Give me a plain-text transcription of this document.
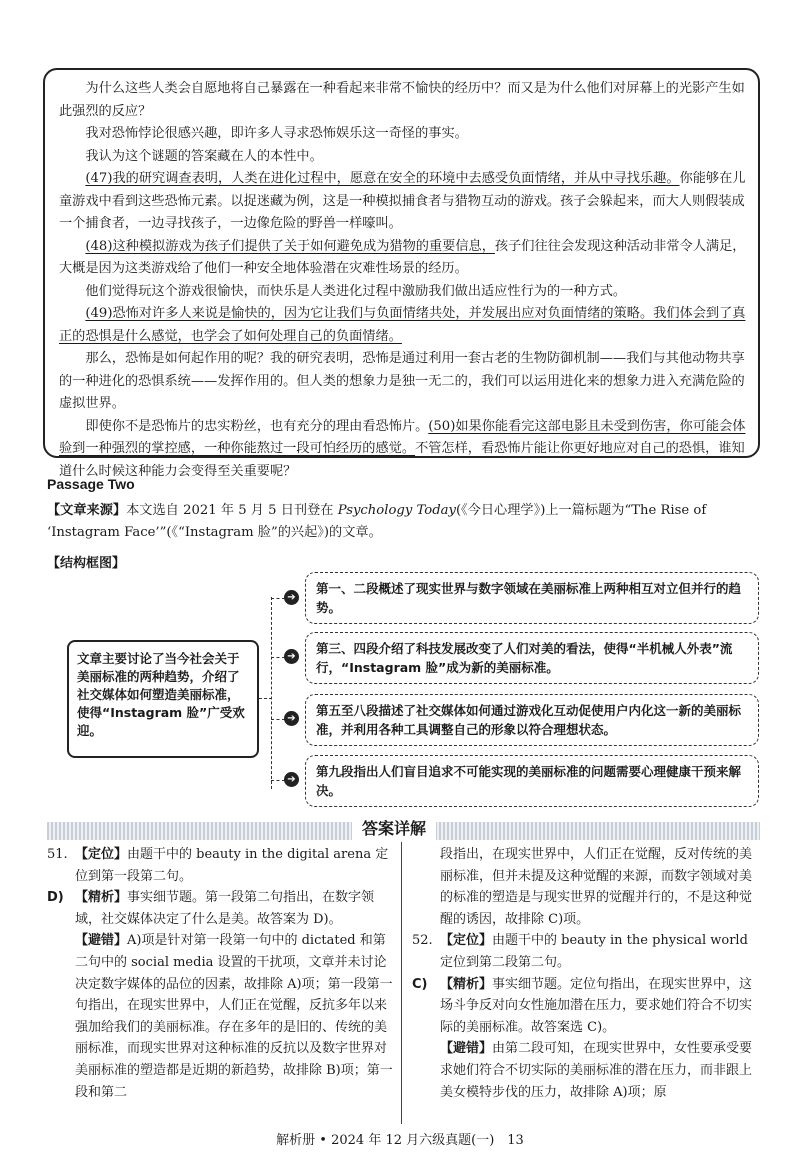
为什么这些人类会自愿地将自己暴露在一种看起来非常不愉快的经历中？而又是为什么他们对屏幕上的光影产生如此强烈的反应？

我对恐怖悖论很感兴趣，即许多人寻求恐怖娱乐这一奇怪的事实。

我认为这个谜题的答案藏在人的本性中。

(47)我的研究调查表明，人类在进化过程中，愿意在安全的环境中去感受负面情绪，并从中寻找乐趣。你能够在儿童游戏中看到这些恐怖元素。以捉迷藏为例，这是一种模拟捕食者与猎物互动的游戏。孩子会躲起来，而大人则假装成一个捕食者，一边寻找孩子，一边像危险的野兽一样嚎叫。

(48)这种模拟游戏为孩子们提供了关于如何避免成为猎物的重要信息，孩子们往往会发现这种活动非常令人满足，大概是因为这类游戏给了他们一种安全地体验潜在灾难性场景的经历。

他们觉得玩这个游戏很愉快，而快乐是人类进化过程中激励我们做出适应性行为的一种方式。

(49)恐怖对许多人来说是愉快的，因为它让我们与负面情绪共处，并发展出应对负面情绪的策略。我们体会到了真正的恐惧是什么感觉，也学会了如何处理自己的负面情绪。

那么，恐怖是如何起作用的呢？我的研究表明，恐怖是通过利用一套古老的生物防御机制——我们与其他动物共享的一种进化的恐惧系统——发挥作用的。但人类的想象力是独一无二的，我们可以运用进化来的想象力进入充满危险的虚拟世界。

即使你不是恐怖片的忠实粉丝，也有充分的理由看恐怖片。(50)如果你能看完这部电影且未受到伤害，你可能会体验到一种强烈的掌控感，一种你能熬过一段可怕经历的感觉。不管怎样，看恐怖片能让你更好地应对自己的恐惧，谁知道什么时候这种能力会变得至关重要呢？

Passage Two
【文章来源】本文选自 2021 年 5 月 5 日刊登在 Psychology Today(《今日心理学》)上一篇标题为“The Rise of ‘Instagram Face’”(《“Instagram 脸”的兴起》)的文章。
【结构框图】
文章主要讨论了当今社会关于美丽标准的两种趋势，介绍了社交媒体如何塑造美丽标准，使得“Instagram 脸”广受欢迎。
➔
➔
➔
➔
第一、二段概述了现实世界与数字领域在美丽标准上两种相互对立但并行的趋势。
第三、四段介绍了科技发展改变了人们对美的看法，使得“半机械人外表”流行，“Instagram 脸”成为新的美丽标准。
第五至八段描述了社交媒体如何通过游戏化互动促使用户内化这一新的美丽标准，并利用各种工具调整自己的形象以符合理想状态。
第九段指出人们盲目追求不可能实现的美丽标准的问题需要心理健康干预来解决。
答案详解
51. 【定位】由题干中的 beauty in the digital arena 定位到第一段第二句。
D) 【精析】事实细节题。第一段第二句指出，在数字领域，社交媒体决定了什么是美。故答案为 D)。
【避错】A)项是针对第一段第一句中的 dictated 和第二句中的 social media 设置的干扰项，文章并未讨论决定数字媒体的品位的因素，故排除 A)项；第一段第一句指出，在现实世界中，人们正在觉醒，反抗多年以来强加给我们的美丽标准。存在多年的是旧的、传统的美丽标准，而现实世界对这种标准的反抗以及数字世界对美丽标准的塑造都是近期的新趋势，故排除 B)项；第一段和第二
段指出，在现实世界中，人们正在觉醒，反对传统的美丽标准，但并未提及这种觉醒的来源，而数字领域对美的标准的塑造是与现实世界的觉醒并行的，不是这种觉醒的诱因，故排除 C)项。
52. 【定位】由题干中的 beauty in the physical world 定位到第二段第二句。
C) 【精析】事实细节题。定位句指出，在现实世界中，这场斗争反对向女性施加潜在压力，要求她们符合不切实际的美丽标准。故答案选 C)。
【避错】由第二段可知，在现实世界中，女性要承受要求她们符合不切实际的美丽标准的潜在压力，而非跟上美女模特步伐的压力，故排除 A)项；原
解析册 • 2024 年 12 月六级真题(一)　13
